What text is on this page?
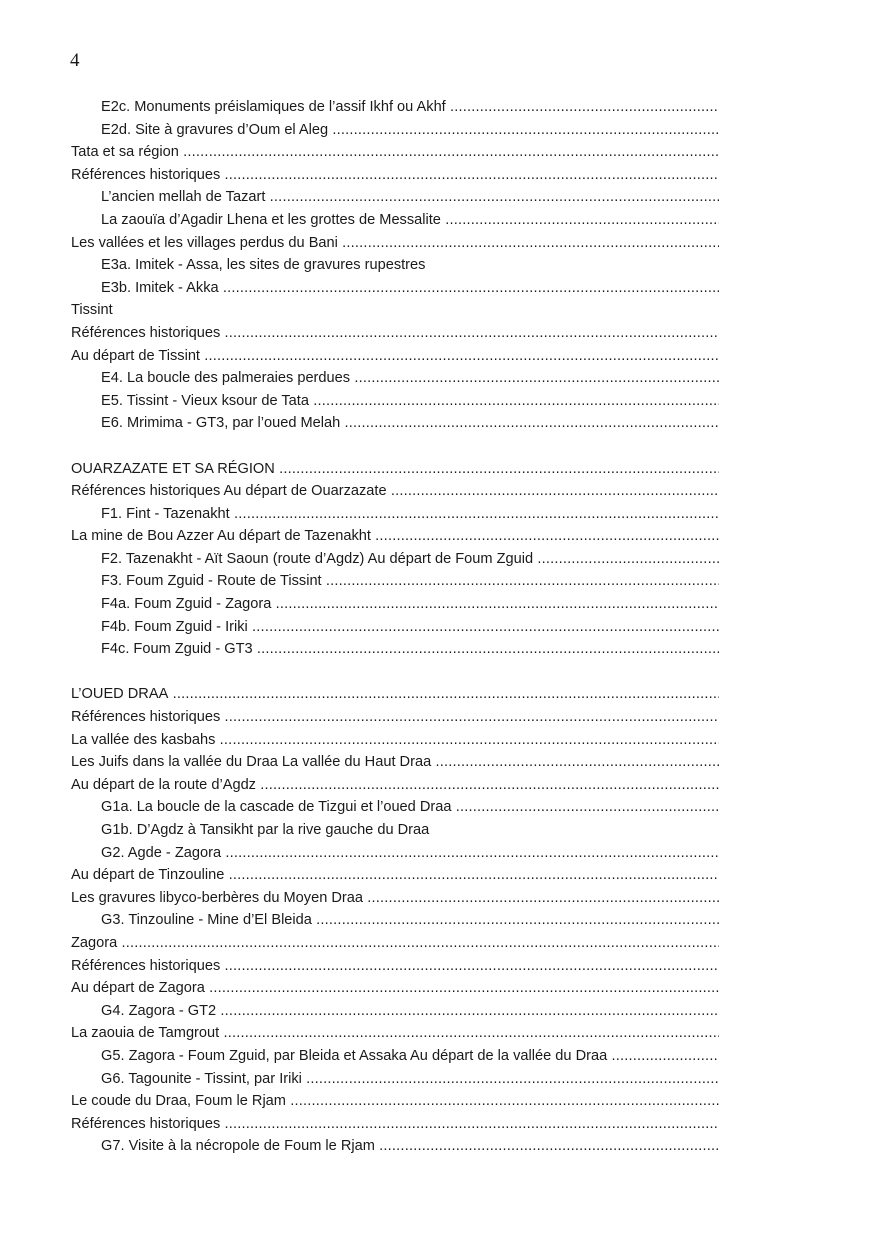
4
E2c. Monuments préislamiques de l’assif Ikhf ou Akhf .....
E2d. Site à gravures d’Oum el Aleg .....
Tata et sa région .....
Références historiques .....
L’ancien mellah de Tazart .....
La zaouïa d’Agadir Lhena et les grottes de Messalite .....
Les vallées et les villages perdus du Bani .....
E3a. Imitek - Assa, les sites de gravures rupestres
E3b. Imitek - Akka .....
Tissint
Références historiques .....
Au départ de Tissint .....
E4. La boucle des palmeraies perdues .....
E5. Tissint - Vieux ksour de Tata .....
E6. Mrimima - GT3, par l’oued Melah .....
OUARZAZATE ET SA RÉGION .....
Références historiques Au départ de Ouarzazate .....
F1. Fint - Tazenakht .....
La mine de Bou Azzer Au départ de Tazenakht .....
F2. Tazenakht - Aït Saoun (route d’Agdz) Au départ de Foum Zguid .....
F3. Foum Zguid - Route de Tissint .....
F4a. Foum Zguid - Zagora .....
F4b. Foum Zguid - Iriki .....
F4c. Foum Zguid - GT3 .....
L’OUED DRAA .....
Références historiques .....
La vallée des kasbahs .....
Les Juifs dans la vallée du Draa La vallée du Haut Draa .....
Au départ de la route d’Agdz .....
G1a. La boucle de la cascade de Tizgui et l’oued Draa .....
G1b. D’Agdz à Tansikht par la rive gauche du Draa
G2. Agde - Zagora .....
Au départ de Tinzouline .....
Les gravures libyco-berbères du Moyen Draa .....
G3. Tinzouline - Mine d’El Bleida .....
Zagora .....
Références historiques .....
Au départ de Zagora .....
G4. Zagora - GT2 .....
La zaouia de Tamgrout .....
G5. Zagora - Foum Zguid, par Bleida et Assaka Au départ de la vallée du Draa .....
G6. Tagounite - Tissint, par Iriki .....
Le coude du Draa, Foum le Rjam .....
Références historiques .....
G7. Visite à la nécropole de Foum le Rjam .....
